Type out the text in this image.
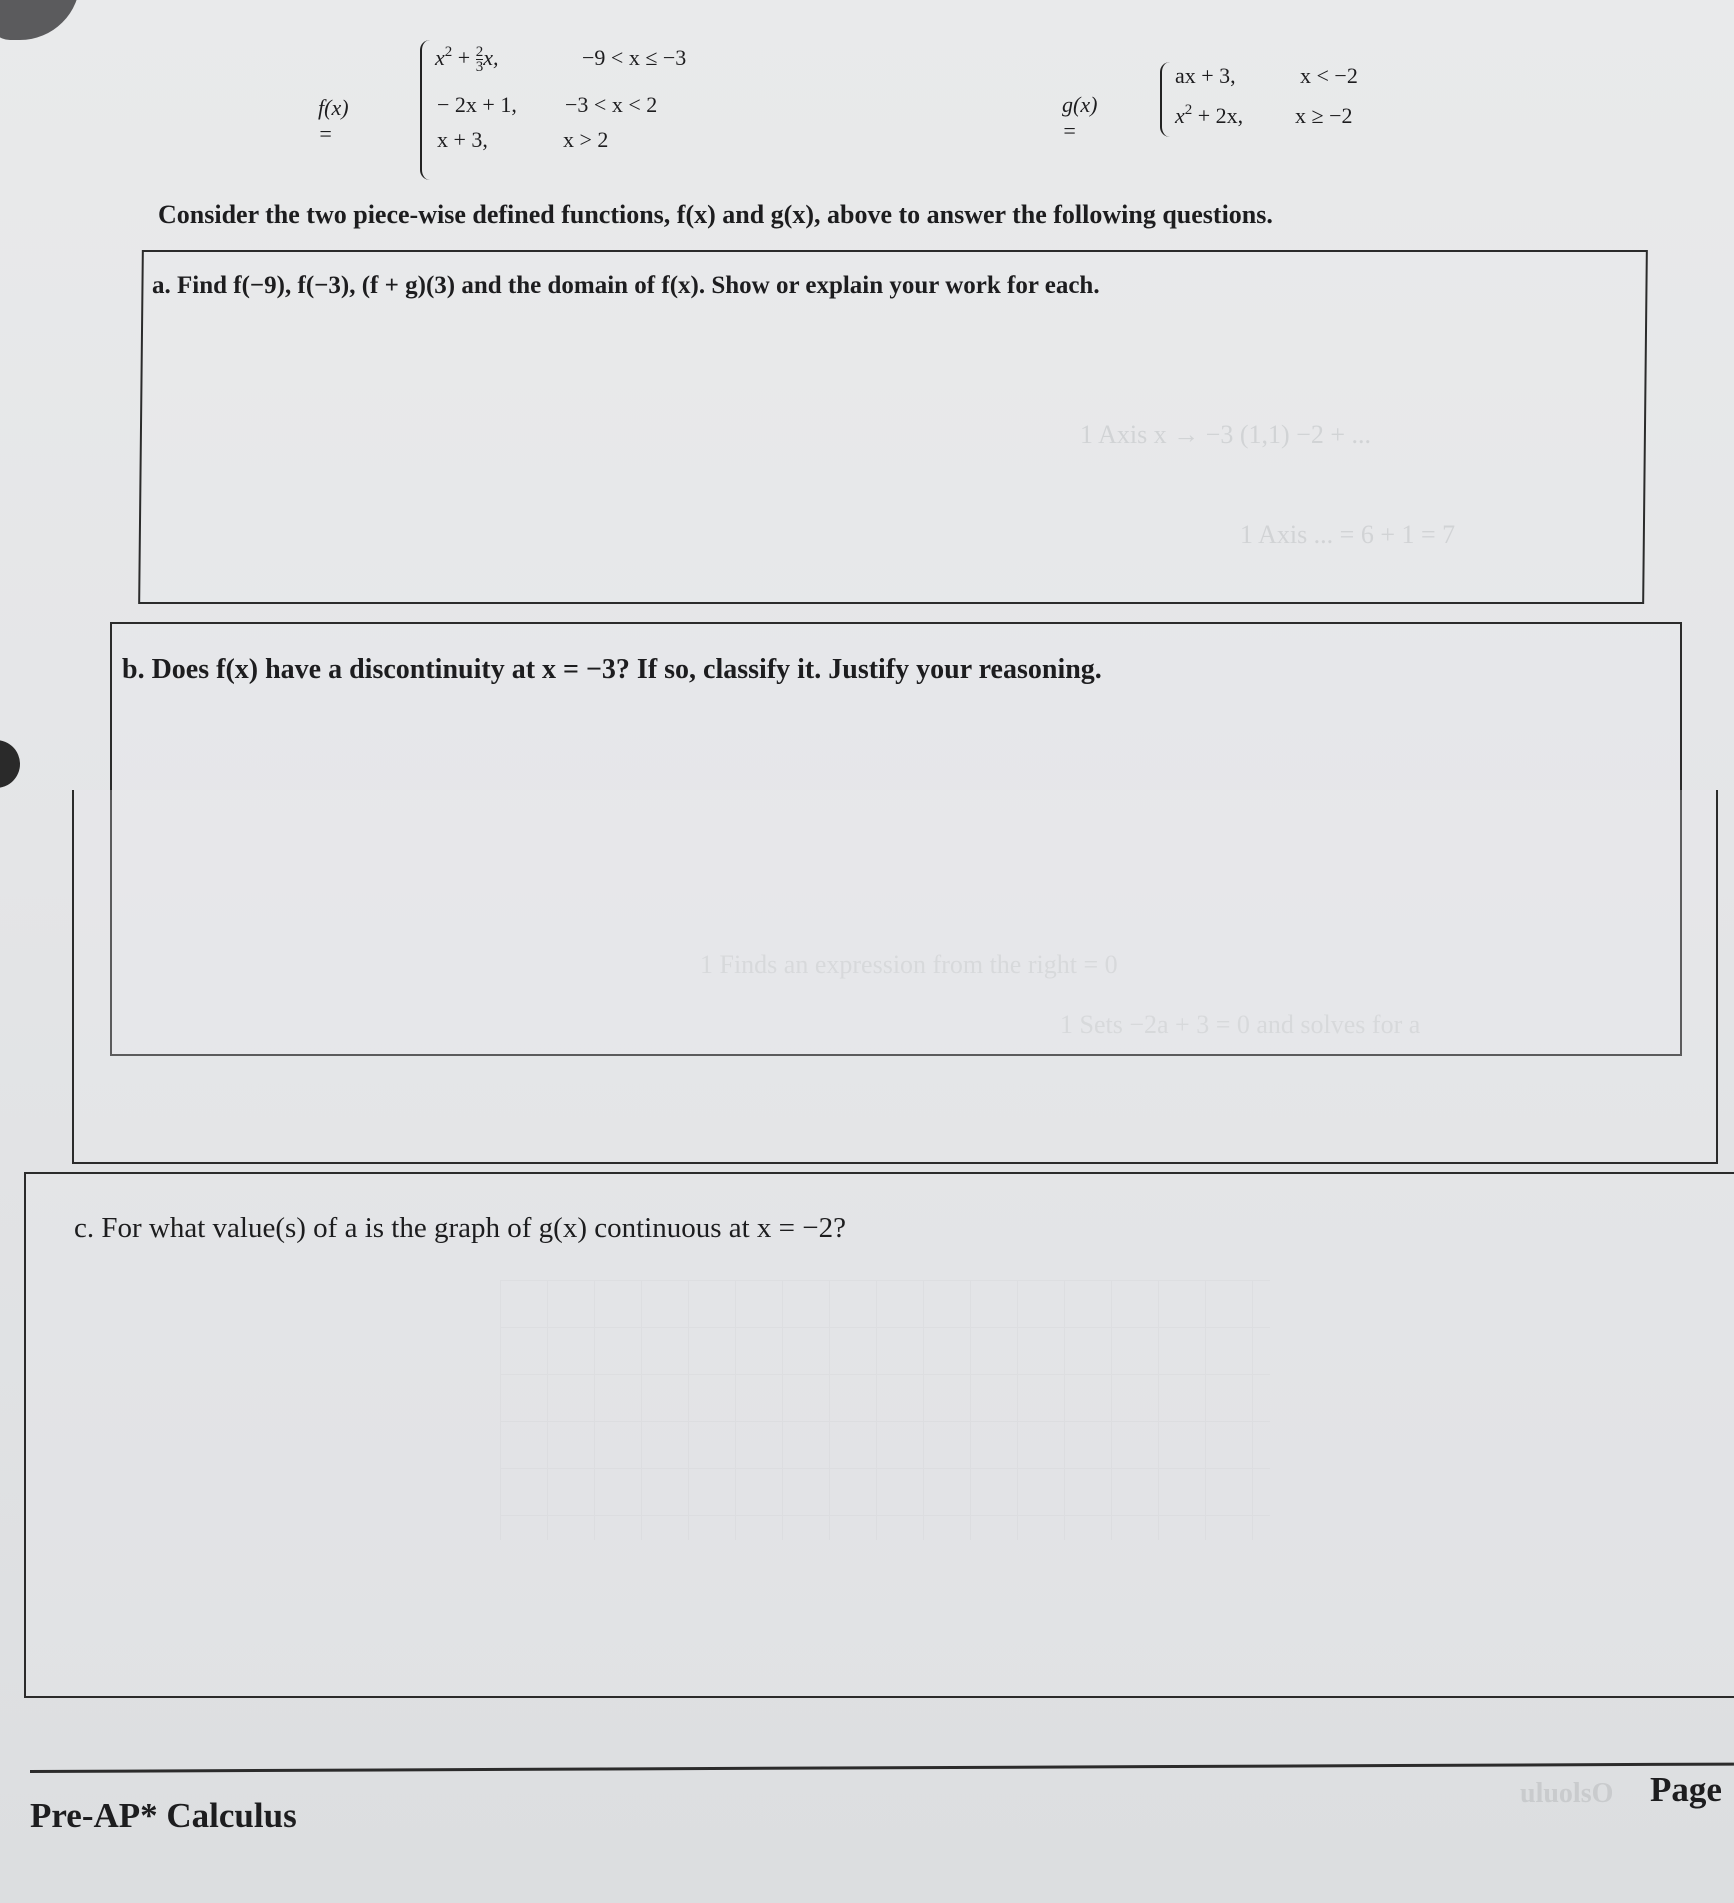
1 Axis x → −3 (1,1) −2 + ...
1 Axis ... = 6 + 1 = 7
1 Finds an expression from the right = 0
1 Sets −2a + 3 = 0 and solves for a
f(x) =
$x^2 + \frac{2}{3} x$,	−9 < x ≤ −3
− 2x + 1, −3 < x < 2
x + 3,	x > 2
g(x) =
ax + 3,	x < −2
$x^2 + 2x$, x ≥ −2
Consider the two piece-wise defined functions, f(x) and g(x), above to answer the following questions.
a. Find f(−9), f(−3), (f + g)(3) and the domain of f(x). Show or explain your work for each.
b. Does f(x) have a discontinuity at x = −3? If so, classify it. Justify your reasoning.
c. For what value(s) of a is the graph of g(x) continuous at x = −2?
Pre-AP* Calculus
uluolsO Page
